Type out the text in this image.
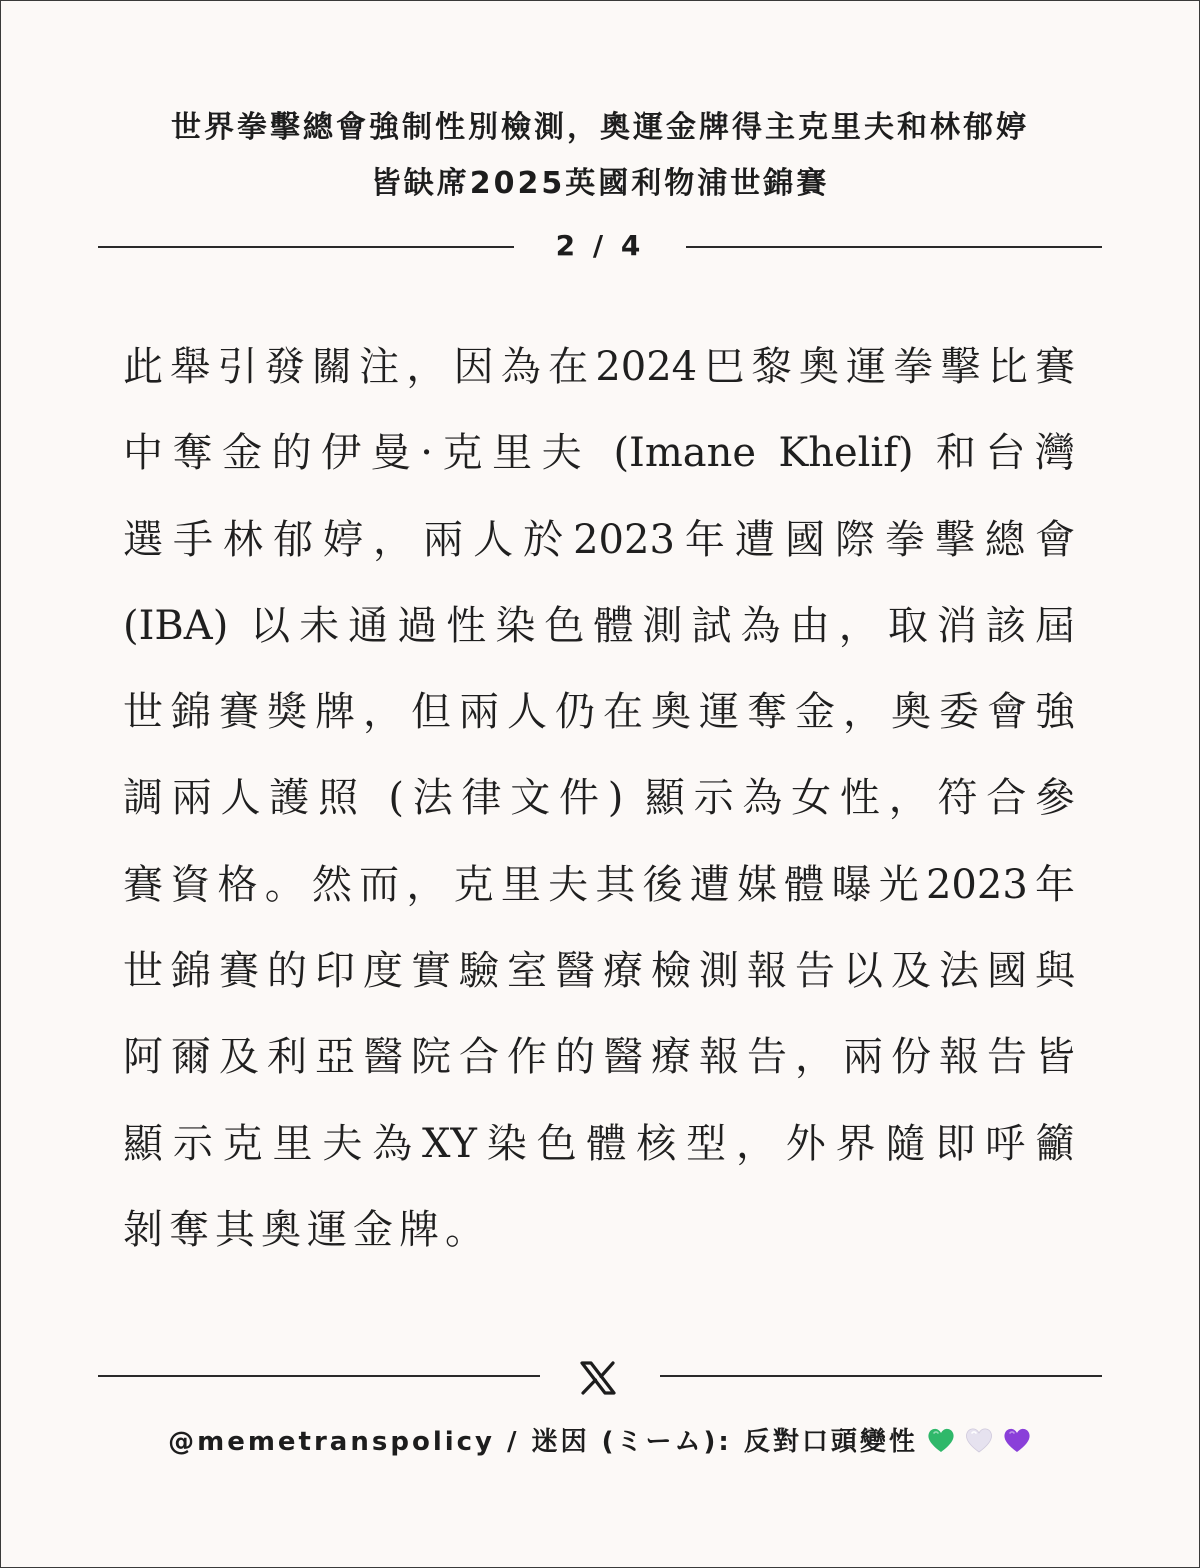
世界拳擊總會強制性別檢測，奧運金牌得主克里夫和林郁婷
皆缺席2025英國利物浦世錦賽
2 / 4
此舉引發關注，因為在2024巴黎奧運拳擊比賽
中奪金的伊曼·克里夫 (Imane Khelif) 和台灣
選手林郁婷，兩人於2023年遭國際拳擊總會
(IBA) 以未通過性染色體測試為由，取消該屆
世錦賽獎牌，但兩人仍在奧運奪金，奧委會強
調兩人護照 (法律文件) 顯示為女性，符合參
賽資格。然而，克里夫其後遭媒體曝光2023年
世錦賽的印度實驗室醫療檢測報告以及法國與
阿爾及利亞醫院合作的醫療報告，兩份報告皆
顯示克里夫為XY染色體核型，外界隨即呼籲
剝奪其奧運金牌。
@memetranspolicy / 迷因 (ミーム): 反對口頭變性
